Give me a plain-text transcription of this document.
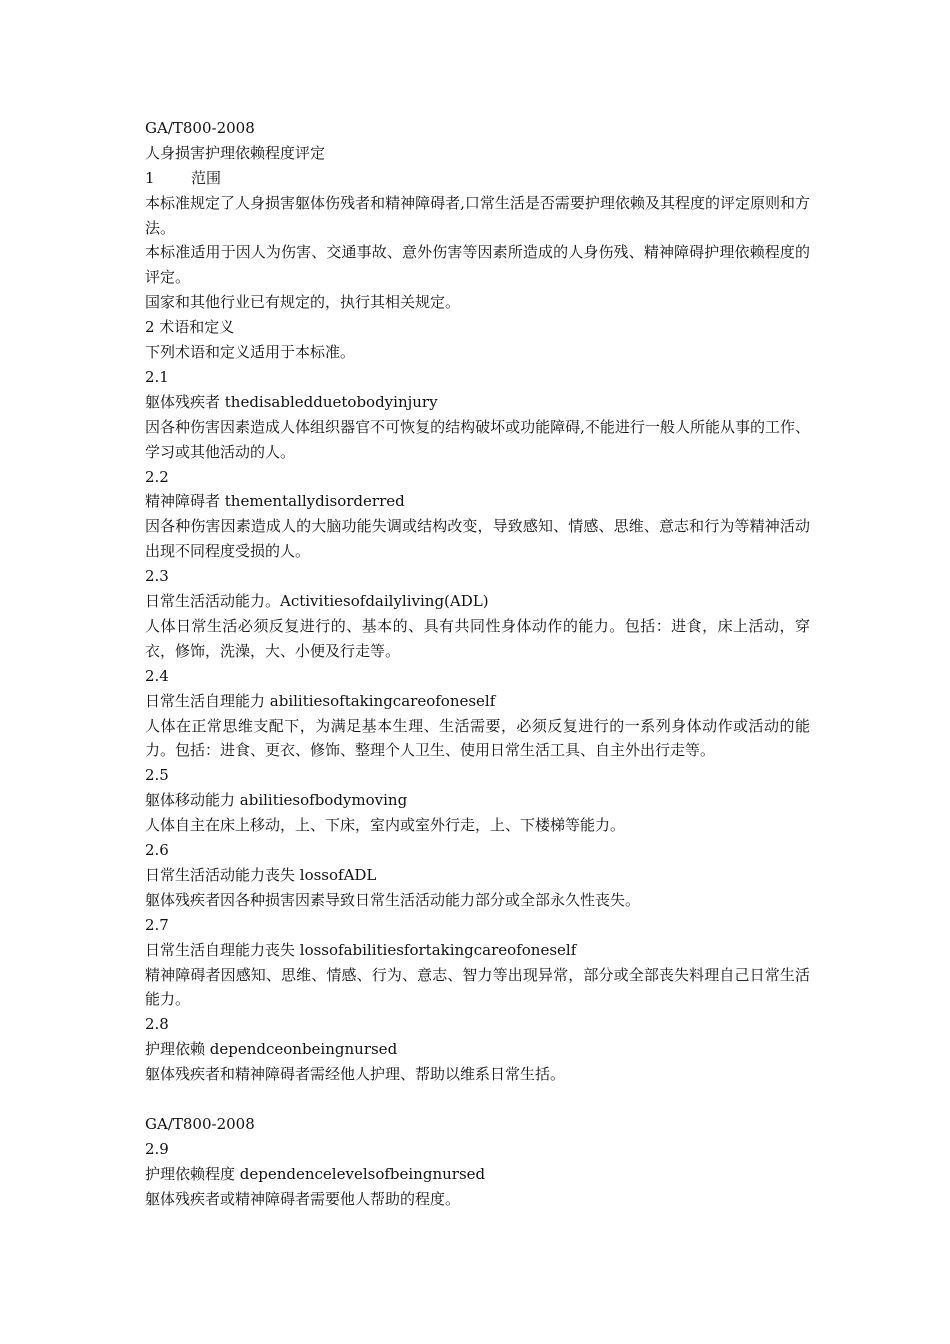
GA/T800-2008
人身损害护理依赖程度评定
1 范围
本标准规定了人身损害躯体伤残者和精神障碍者,口常生活是否需要护理依赖及其程度的评定原则和方法。
本标准适用于因人为伤害、交通事故、意外伤害等因素所造成的人身伤残、精神障碍护理依赖程度的评定。
国家和其他行业已有规定的，执行其相关规定。
2 术语和定义
下列术语和定义适用于本标准。
2.1
躯体残疾者 thedisabledduetobodyinjury
因各种伤害因素造成人体组织器官不可恢复的结构破坏或功能障碍,不能进行一般人所能从事的工作、学习或其他活动的人。
2.2
精神障碍者 thementallydisorderred
因各种伤害因素造成人的大脑功能失调或结构改变，导致感知、情感、思维、意志和行为等精神活动出现不同程度受损的人。
2.3
日常生活活动能力。Activitiesofdailyliving(ADL)
人体日常生活必须反复进行的、基本的、具有共同性身体动作的能力。包括：进食，床上活动，穿衣，修饰，洗澡，大、小便及行走等。
2.4
日常生活自理能力 abilitiesoftakingcareofoneself
人体在正常思维支配下，为满足基本生理、生活需要，必须反复进行的一系列身体动作或活动的能力。包括：进食、更衣、修饰、整理个人卫生、使用日常生活工具、自主外出行走等。
2.5
躯体移动能力 abilitiesofbodymoving
人体自主在床上移动，上、下床，室内或室外行走，上、下楼梯等能力。
2.6
日常生活活动能力丧失 lossofADL
躯体残疾者因各种损害因素导致日常生活活动能力部分或全部永久性丧失。
2.7
日常生活自理能力丧失 lossofabilitiesfortakingcareofoneself
精神障碍者因感知、思维、情感、行为、意志、智力等出现异常，部分或全部丧失料理自己日常生活能力。
2.8
护理依赖 dependceonbeingnursed
躯体残疾者和精神障碍者需经他人护理、帮助以维系日常生括。
GA/T800-2008
2.9
护理依赖程度 dependencelevelsofbeingnursed
躯体残疾者或精神障碍者需要他人帮助的程度。
